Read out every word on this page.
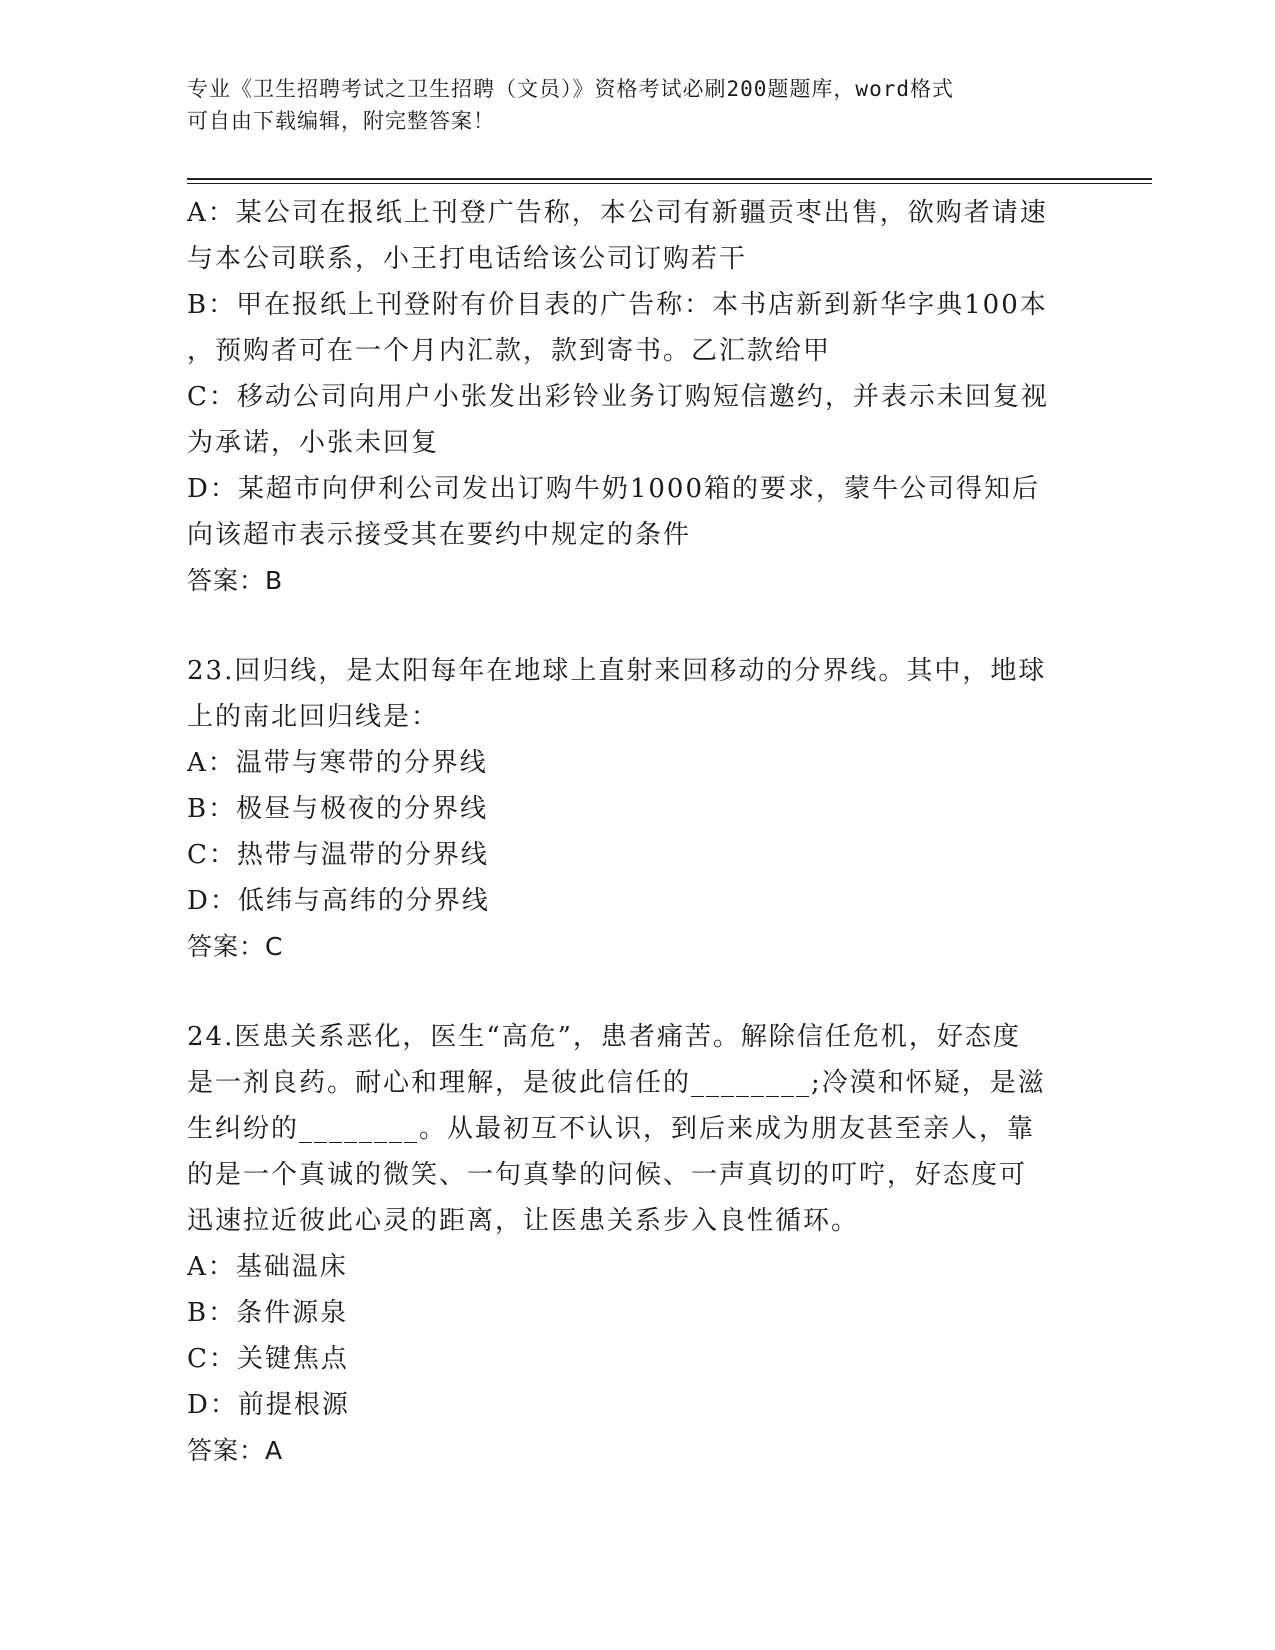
专业《卫生招聘考试之卫生招聘（文员）》资格考试必刷200题题库，word格式
可自由下载编辑，附完整答案！
A：某公司在报纸上刊登广告称，本公司有新疆贡枣出售，欲购者请速
与本公司联系，小王打电话给该公司订购若干
B：甲在报纸上刊登附有价目表的广告称：本书店新到新华字典100本
，预购者可在一个月内汇款，款到寄书。乙汇款给甲
C：移动公司向用户小张发出彩铃业务订购短信邀约，并表示未回复视
为承诺，小张未回复
D：某超市向伊利公司发出订购牛奶1000箱的要求，蒙牛公司得知后
向该超市表示接受其在要约中规定的条件
答案：B
23.回归线，是太阳每年在地球上直射来回移动的分界线。其中，地球
上的南北回归线是：
A：温带与寒带的分界线
B：极昼与极夜的分界线
C：热带与温带的分界线
D：低纬与高纬的分界线
答案：C
24.医患关系恶化，医生“高危”，患者痛苦。解除信任危机，好态度
是一剂良药。耐心和理解，是彼此信任的________;冷漠和怀疑，是滋
生纠纷的________。从最初互不认识，到后来成为朋友甚至亲人，靠
的是一个真诚的微笑、一句真挚的问候、一声真切的叮咛，好态度可
迅速拉近彼此心灵的距离，让医患关系步入良性循环。
A：基础温床
B：条件源泉
C：关键焦点
D：前提根源
答案：A
